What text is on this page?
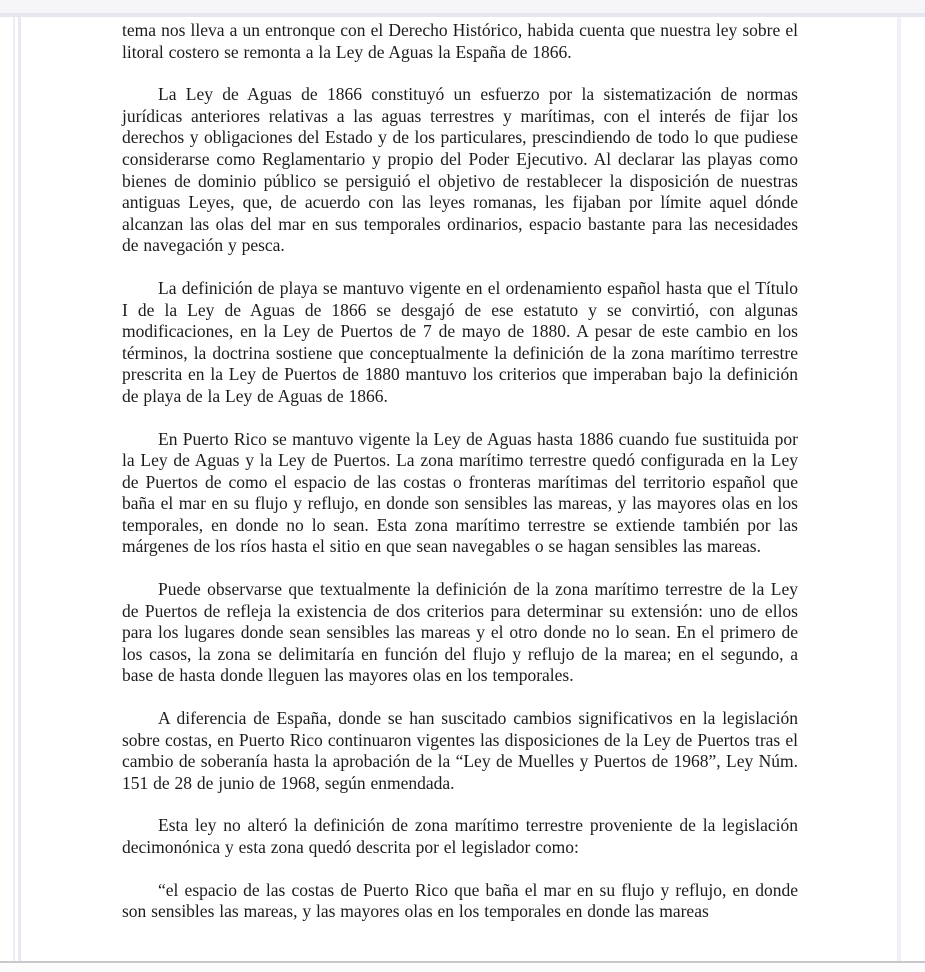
tema nos lleva a un entronque con el Derecho Histórico, habida cuenta que nuestra ley sobre el litoral costero se remonta a la Ley de Aguas la España de 1866.

La Ley de Aguas de 1866 constituyó un esfuerzo por la sistematización de normas jurídicas anteriores relativas a las aguas terrestres y marítimas, con el interés de fijar los derechos y obligaciones del Estado y de los particulares, prescindiendo de todo lo que pudiese considerarse como Reglamentario y propio del Poder Ejecutivo. Al declarar las playas como bienes de dominio público se persiguió el objetivo de restablecer la disposición de nuestras antiguas Leyes, que, de acuerdo con las leyes romanas, les fijaban por límite aquel dónde alcanzan las olas del mar en sus temporales ordinarios, espacio bastante para las necesidades de navegación y pesca.

La definición de playa se mantuvo vigente en el ordenamiento español hasta que el Título I de la Ley de Aguas de 1866 se desgajó de ese estatuto y se convirtió, con algunas modificaciones, en la Ley de Puertos de 7 de mayo de 1880. A pesar de este cambio en los términos, la doctrina sostiene que conceptualmente la definición de la zona marítimo terrestre prescrita en la Ley de Puertos de 1880 mantuvo los criterios que imperaban bajo la definición de playa de la Ley de Aguas de 1866.

En Puerto Rico se mantuvo vigente la Ley de Aguas hasta 1886 cuando fue sustituida por la Ley de Aguas y la Ley de Puertos. La zona marítimo terrestre quedó configurada en la Ley de Puertos de como el espacio de las costas o fronteras marítimas del territorio español que baña el mar en su flujo y reflujo, en donde son sensibles las mareas, y las mayores olas en los temporales, en donde no lo sean. Esta zona marítimo terrestre se extiende también por las márgenes de los ríos hasta el sitio en que sean navegables o se hagan sensibles las mareas.

Puede observarse que textualmente la definición de la zona marítimo terrestre de la Ley de Puertos de refleja la existencia de dos criterios para determinar su extensión: uno de ellos para los lugares donde sean sensibles las mareas y el otro donde no lo sean. En el primero de los casos, la zona se delimitaría en función del flujo y reflujo de la marea; en el segundo, a base de hasta donde lleguen las mayores olas en los temporales.

A diferencia de España, donde se han suscitado cambios significativos en la legislación sobre costas, en Puerto Rico continuaron vigentes las disposiciones de la Ley de Puertos tras el cambio de soberanía hasta la aprobación de la “Ley de Muelles y Puertos de 1968”, Ley Núm. 151 de 28 de junio de 1968, según enmendada.

Esta ley no alteró la definición de zona marítimo terrestre proveniente de la legislación decimonónica y esta zona quedó descrita por el legislador como:

“el espacio de las costas de Puerto Rico que baña el mar en su flujo y reflujo, en donde son sensibles las mareas, y las mayores olas en los temporales en donde las mareas
